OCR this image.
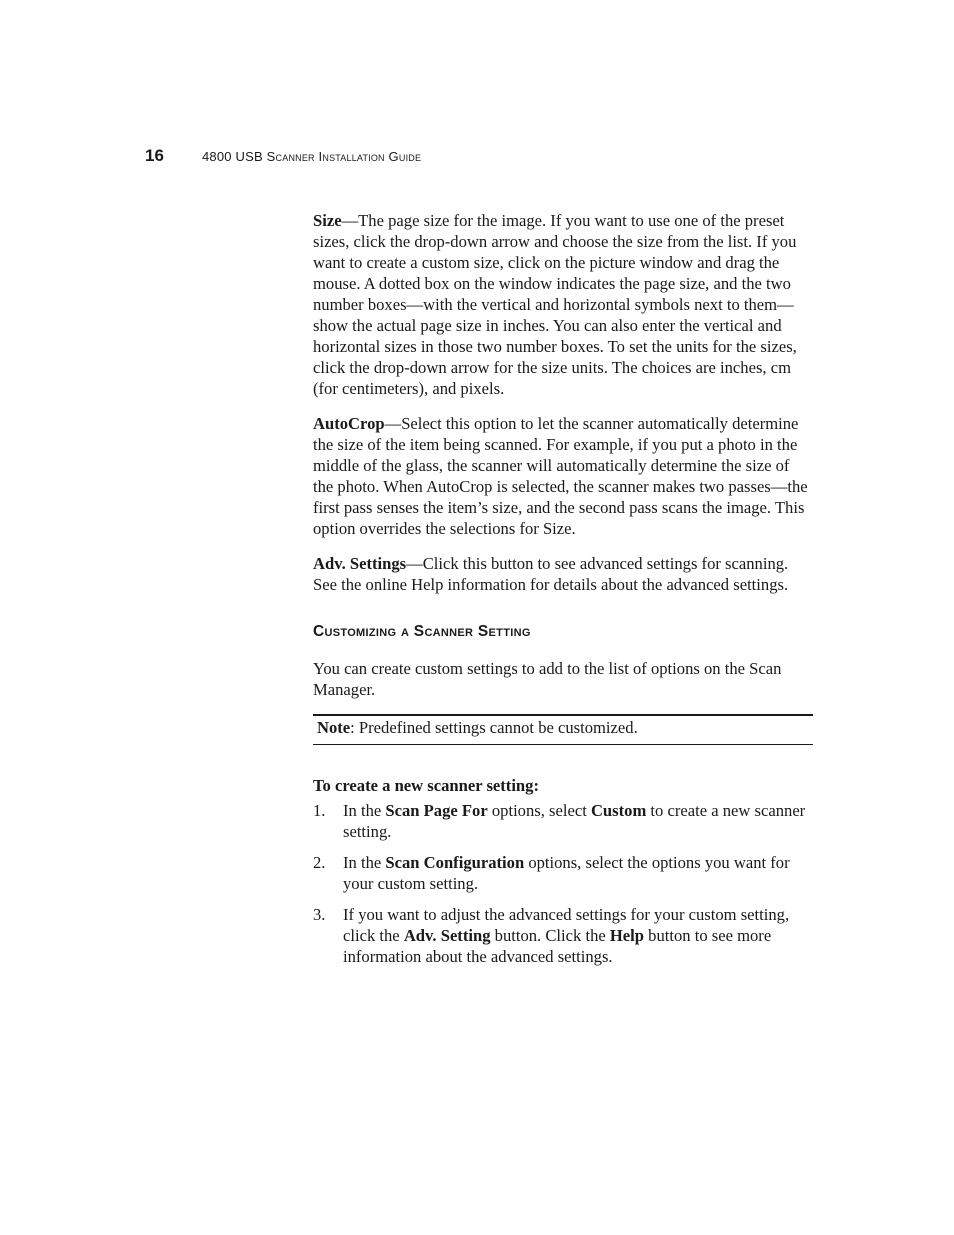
16	4800 USB Scanner Installation Guide

Size—The page size for the image. If you want to use one of the preset sizes, click the drop-down arrow and choose the size from the list. If you want to create a custom size, click on the picture window and drag the mouse. A dotted box on the window indicates the page size, and the two number boxes—with the vertical and horizontal symbols next to them—show the actual page size in inches. You can also enter the vertical and horizontal sizes in those two number boxes. To set the units for the sizes, click the drop-down arrow for the size units. The choices are inches, cm (for centimeters), and pixels.

AutoCrop—Select this option to let the scanner automatically determine the size of the item being scanned. For example, if you put a photo in the middle of the glass, the scanner will automatically determine the size of the photo. When AutoCrop is selected, the scanner makes two passes—the first pass senses the item’s size, and the second pass scans the image. This option overrides the selections for Size.

Adv. Settings—Click this button to see advanced settings for scanning. See the online Help information for details about the advanced settings.

Customizing a Scanner Setting

You can create custom settings to add to the list of options on the Scan Manager.

Note: Predefined settings cannot be customized.
To create a new scanner setting:
1.	In the Scan Page For options, select Custom to create a new scanner setting.
2.	In the Scan Configuration options, select the options you want for your custom setting.
3.	If you want to adjust the advanced settings for your custom setting, click the Adv. Setting button. Click the Help button to see more information about the advanced settings.
